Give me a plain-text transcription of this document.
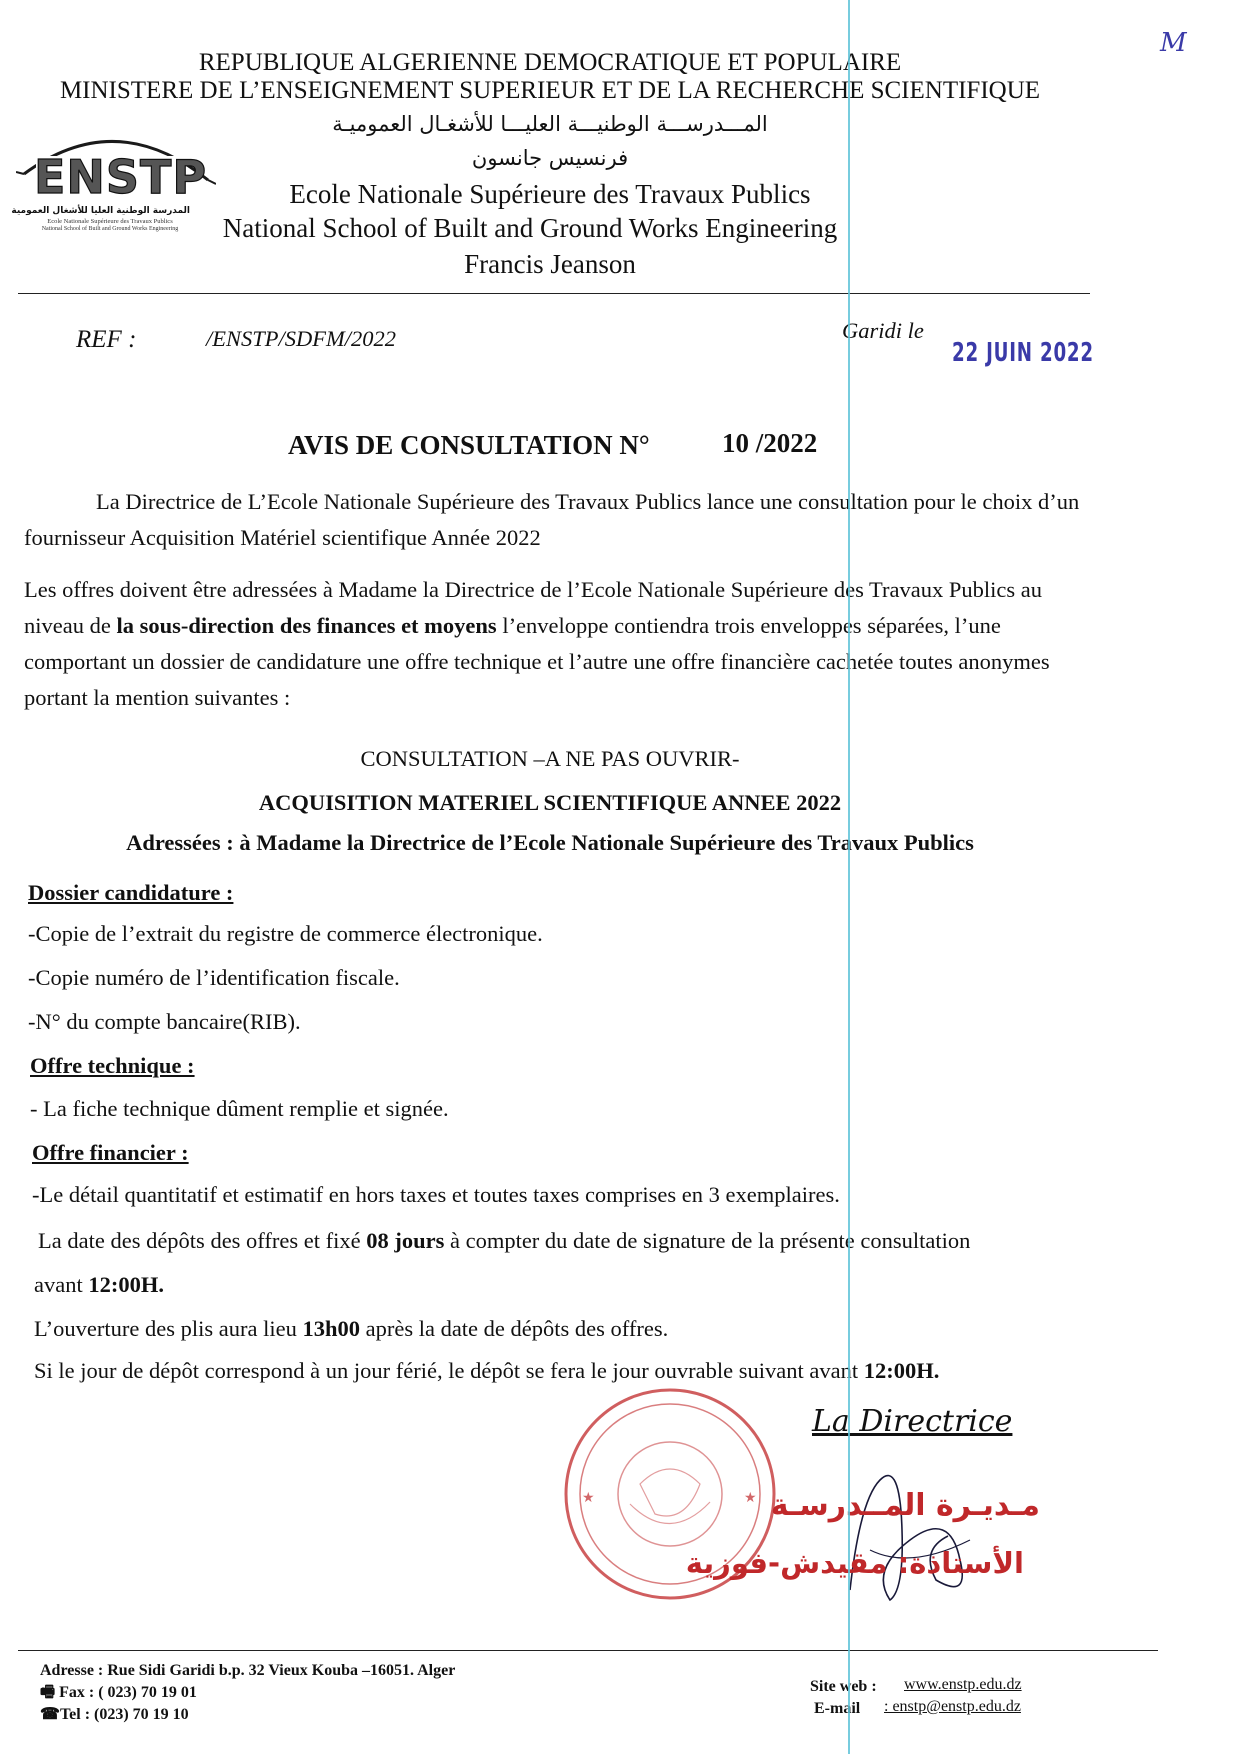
REPUBLIQUE ALGERIENNE DEMOCRATIQUE ET POPULAIRE
MINISTERE DE L’ENSEIGNEMENT SUPERIEUR ET DE LA RECHERCHE SCIENTIFIQUE
المـــدرســـة الوطنيـــة العليـــا للأشغـال العموميـة
فرنسيس جانسون
ENSTP
المدرسة الوطنية العليا للأشغال العمومية
Ecole Nationale Supérieure des Travaux Publics
National School of Built and Ground Works Engineering
Ecole Nationale Supérieure des Travaux Publics
National School of Built and Ground Works Engineering
Francis Jeanson
M
REF :	/ENSTP/SDFM/2022	Garidi le
22 JUIN 2022
AVIS DE CONSULTATION N°	10 /2022
La Directrice de L’Ecole Nationale Supérieure des Travaux Publics lance une consultation pour le choix d’un fournisseur Acquisition Matériel scientifique Année 2022
Les offres doivent être adressées à Madame la Directrice de l’Ecole Nationale Supérieure des Travaux Publics au niveau de la sous-direction des finances et moyens l’enveloppe contiendra trois enveloppes séparées, l’une comportant un dossier de candidature une offre technique et l’autre une offre financière cachetée toutes anonymes portant la mention suivantes :
CONSULTATION –A NE PAS OUVRIR-
ACQUISITION MATERIEL SCIENTIFIQUE ANNEE 2022
Adressées : à Madame la Directrice de l’Ecole Nationale Supérieure des Travaux Publics
Dossier candidature :
-Copie de l’extrait du registre de commerce électronique.
-Copie numéro de l’identification fiscale.
-N° du compte bancaire(RIB).
Offre technique :
- La fiche technique dûment remplie et signée.
Offre financier :
-Le détail quantitatif et estimatif en hors taxes et toutes taxes comprises en 3 exemplaires.
La date des dépôts des offres et fixé 08 jours à compter du date de signature de la présente consultation
avant 12:00H.
L’ouverture des plis aura lieu 13h00 après la date de dépôts des offres.
Si le jour de dépôt correspond à un jour férié, le dépôt se fera le jour ouvrable suivant avant 12:00H.
★	★
La Directrice
مـديـرة المــدرسـة
الأستاذة: مقيدش-فوزية
Adresse : Rue Sidi Garidi b.p. 32 Vieux Kouba –16051. Alger
🖷 Fax : ( 023) 70 19 01
☎Tel : (023) 70 19 10
Site web : www.enstp.edu.dz
E-mail : enstp@enstp.edu.dz
